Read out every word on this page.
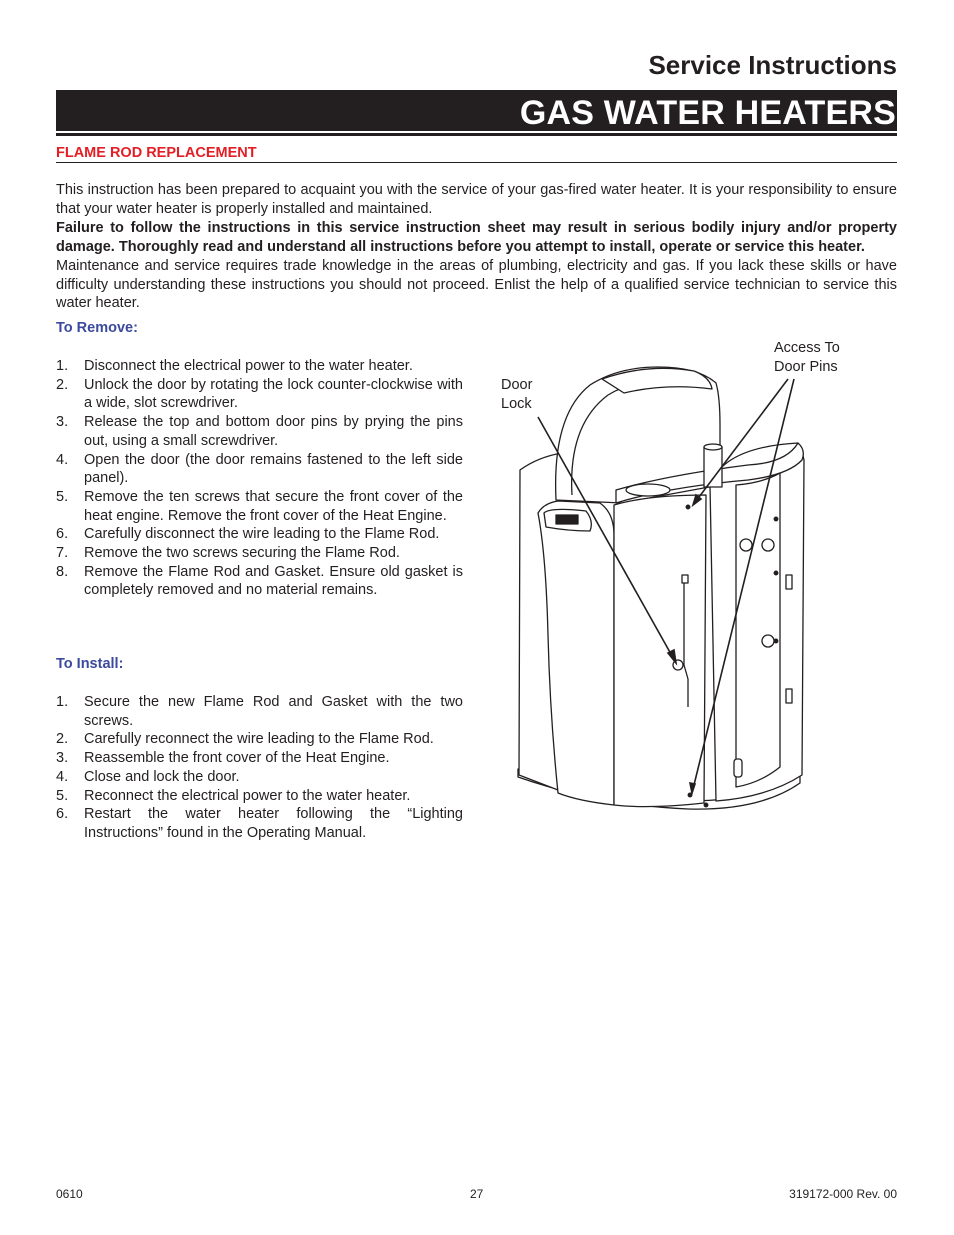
Service Instructions
GAS WATER HEATERS
FLAME ROD REPLACEMENT

This instruction has been prepared to acquaint you with the service of your gas-fired water heater. It is your responsibility to ensure that your water heater is properly installed and maintained.

Failure to follow the instructions in this service instruction sheet may result in serious bodily injury and/or property damage. Thoroughly read and understand all instructions before you attempt to install, operate or service this heater.

Maintenance and service requires trade knowledge in the areas of plumbing, electricity and gas. If you lack these skills or have difficulty understanding these instructions you should not proceed. Enlist the help of a qualified service technician to service this water heater.

To Remove:
1. Disconnect the electrical power to the water heater.
2. Unlock the door by rotating the lock counter-clockwise with a wide, slot screwdriver.
3. Release the top and bottom door pins by prying the pins out, using a small screwdriver.
4. Open the door (the door remains fastened to the left side panel).
5. Remove the ten screws that secure the front cover of the heat engine. Remove the front cover of the Heat Engine.
6. Carefully disconnect the wire leading to the Flame Rod.
7. Remove the two screws securing the Flame Rod.
8. Remove the Flame Rod and Gasket. Ensure old gasket is completely removed and no material remains.
To Install:
1. Secure the new Flame Rod and Gasket with the two screws.
2. Carefully reconnect the wire leading to the Flame Rod.
3. Reassemble the front cover of the Heat Engine.
4. Close and lock the door.
5. Reconnect the electrical power to the water heater.
6. Restart the water heater following the “Lighting Instructions” found in the Operating Manual.
Door
Lock
Access To
Door Pins
0610	27	319172-000 Rev. 00
